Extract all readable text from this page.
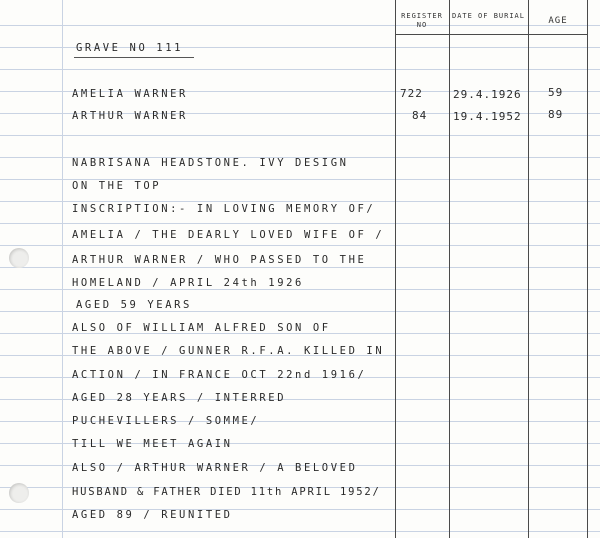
REGISTER NO
DATE OF BURIAL	AGE
GRAVE NO 111
AMELIA WARNER	722	29.4.1926 59
ARTHUR WARNER	84 19.4.1952 89
NABRISANA HEADSTONE. IVY DESIGN
ON THE TOP
INSCRIPTION:- IN LOVING MEMORY OF/
AMELIA / THE DEARLY LOVED WIFE OF /
ARTHUR WARNER / WHO PASSED TO THE
HOMELAND / APRIL 24th 1926
AGED 59 YEARS
ALSO OF WILLIAM ALFRED SON OF
THE ABOVE / GUNNER R.F.A. KILLED IN
ACTION / IN FRANCE OCT 22nd 1916/
AGED 28 YEARS / INTERRED
PUCHEVILLERS / SOMME/
TILL WE MEET AGAIN
ALSO / ARTHUR WARNER / A BELOVED
HUSBAND & FATHER DIED 11th APRIL 1952/
AGED 89 / REUNITED
